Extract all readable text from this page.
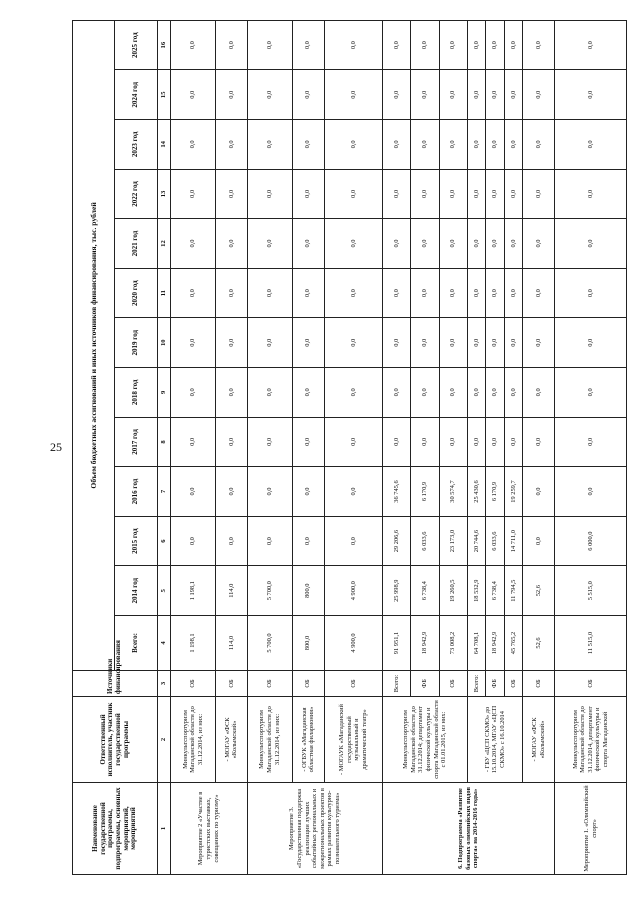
25
Наименование государственной программы, подпрограммы, основных мероприятий, мероприятий	Ответственный исполнитель, участник государственной программы	Источники финансирования	Объем бюджетных ассигнований и иных источников финансирования, тыс. рублей												
			Всего:	2014 год	2015 год	2016 год	2017 год	2018 год	2019 год	2020 год	2021 год	2022 год	2023 год	2024 год	2025 год
1	2	3	4	5	6	7	8	9	10	11	12	13	14	15	16
Мероприятие 2 «Участие в туристских выставках, совещаниях по туризму»	Минкультспортуризм Магаданской области до 31.12.2014, из них:	ОБ	1 198,1	1 198,1	0,0	0,0	0,0	0,0	0,0	0,0	0,0	0,0	0,0	0,0	0,0
	- МОГАУ «ФСК «Колымский»	ОБ	114,0	114,0	0,0	0,0	0,0	0,0	0,0	0,0	0,0	0,0	0,0	0,0	0,0
Мероприятие 3. «Государственная поддержка реализации лучших событийных региональных и межрегиональных проектов в рамках развития культурно-познавательного туризма»	Минкультспортуризм Магаданской области до 31.12.2014, из них:	ОБ	5 700,0	5 700,0	0,0	0,0	0,0	0,0	0,0	0,0	0,0	0,0	0,0	0,0	0,0
	- ОГБУК «Магаданская областная филармония»	ОБ	800,0	800,0	0,0	0,0	0,0	0,0	0,0	0,0	0,0	0,0	0,0	0,0	0,0
	- МОГАУК «Магаданский государственный музыкальный и драматический театр»	ОБ	4 900,0	4 900,0	0,0	0,0	0,0	0,0	0,0	0,0	0,0	0,0	0,0	0,0	0,0
6. Подпрограмма «Развитие базовых олимпийских видов спорта» на 2014-2016 годы»	Минкультспортуризм Магаданской области до 31.12.2014; департамент физической культуры и спорта Магаданской области с 01.01.2015, из них:	Всего:	91 951,1	25 998,9	29 206,6	36 745,6	0,0	0,0	0,0	0,0	0,0	0,0	0,0	0,0	0,0
		ФБ	18 942,9	6 738,4	6 033,6	6 170,9	0,0	0,0	0,0	0,0	0,0	0,0	0,0	0,0	0,0
		ОБ	73 008,2	19 260,5	23 173,0	30 574,7	0,0	0,0	0,0	0,0	0,0	0,0	0,0	0,0	0,0
	- ГБУ «ЦСП СКМО» до 15.10.2014, МГАУ «ЦСП СКМО» с 16.10.2014	Всего:	64 708,1	18 532,9	20 744,6	25 430,6	0,0	0,0	0,0	0,0	0,0	0,0	0,0	0,0	0,0
		ФБ	18 942,9	6 738,4	6 033,6	6 170,9	0,0	0,0	0,0	0,0	0,0	0,0	0,0	0,0	0,0
		ОБ	45 765,2	11 794,5	14 711,0	19 259,7	0,0	0,0	0,0	0,0	0,0	0,0	0,0	0,0	0,0
	- МОГАУ «ФСК «Колымский»	ОБ	52,6	52,6	0,0	0,0	0,0	0,0	0,0	0,0	0,0	0,0	0,0	0,0	0,0
Мероприятие 1. «Олимпийский спорт»	Минкультспортуризм Магаданской области до 31.12.2014, департамент физической культуры и спорта Магаданской	ОБ	11 515,0	5 515,0	6 000,0	0,0	0,0	0,0	0,0	0,0	0,0	0,0	0,0	0,0	0,0
